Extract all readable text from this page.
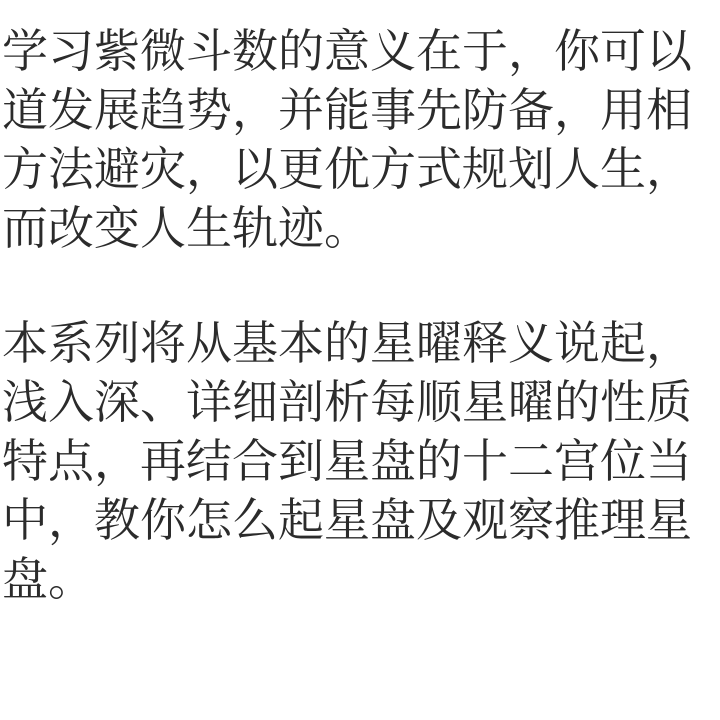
学习紫微斗数的意义在于，你可以
道发展趋势，并能事先防备，用相
方法避灾，以更优方式规划人生，
而改变人生轨迹。
本系列将从基本的星曜释义说起，
浅入深、详细剖析每顺星曜的性质
特点，再结合到星盘的十二宫位当
中，教你怎么起星盘及观察推理星
盘。
